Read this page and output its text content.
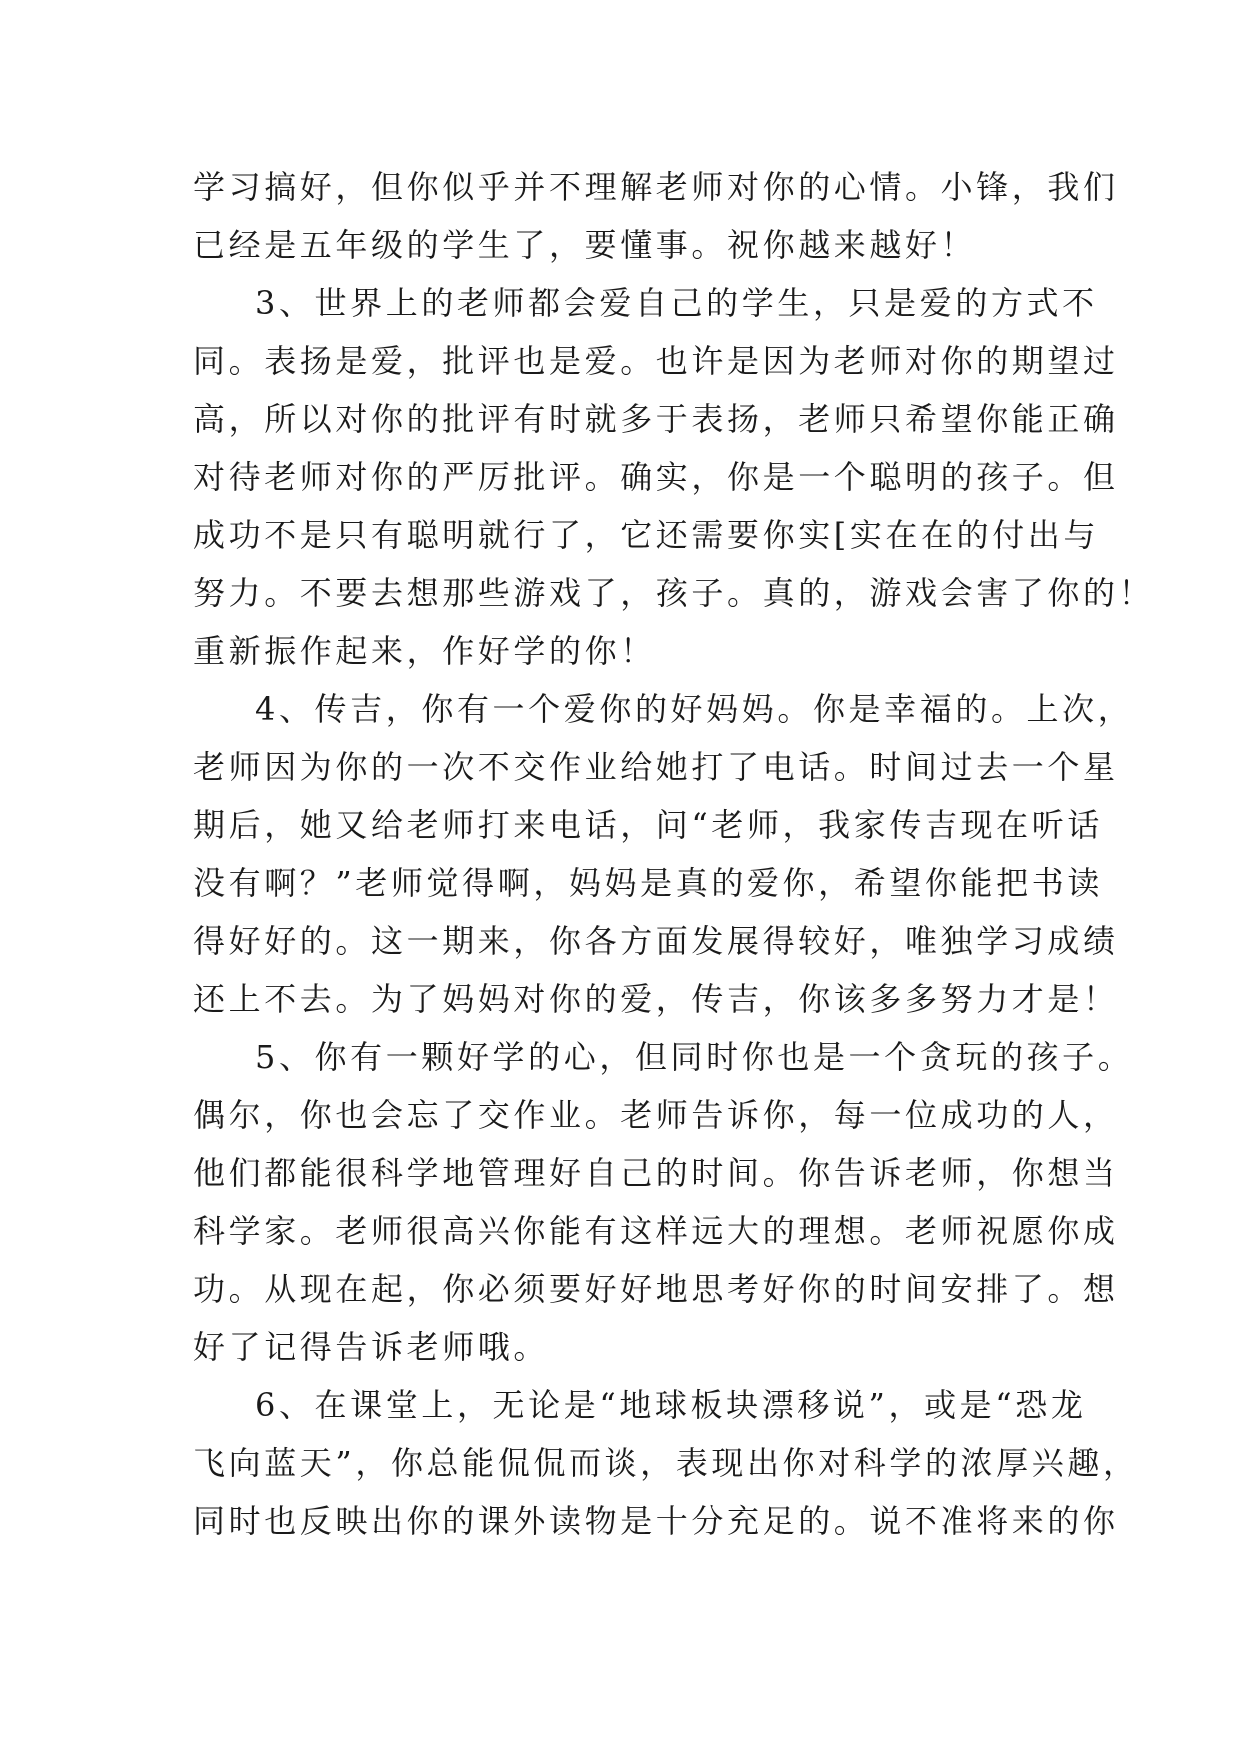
学习搞好，但你似乎并不理解老师对你的心情。小锋，我们
已经是五年级的学生了，要懂事。祝你越来越好！
3、世界上的老师都会爱自己的学生，只是爱的方式不
同。表扬是爱，批评也是爱。也许是因为老师对你的期望过
高，所以对你的批评有时就多于表扬，老师只希望你能正确
对待老师对你的严厉批评。确实，你是一个聪明的孩子。但
成功不是只有聪明就行了，它还需要你实[实在在的付出与
努力。不要去想那些游戏了，孩子。真的，游戏会害了你的！
重新振作起来，作好学的你！
4、传吉，你有一个爱你的好妈妈。你是幸福的。上次，
老师因为你的一次不交作业给她打了电话。时间过去一个星
期后，她又给老师打来电话，问“老师，我家传吉现在听话
没有啊？”老师觉得啊，妈妈是真的爱你，希望你能把书读
得好好的。这一期来，你各方面发展得较好，唯独学习成绩
还上不去。为了妈妈对你的爱，传吉，你该多多努力才是！
5、你有一颗好学的心，但同时你也是一个贪玩的孩子。
偶尔，你也会忘了交作业。老师告诉你，每一位成功的人，
他们都能很科学地管理好自己的时间。你告诉老师，你想当
科学家。老师很高兴你能有这样远大的理想。老师祝愿你成
功。从现在起，你必须要好好地思考好你的时间安排了。想
好了记得告诉老师哦。
6、在课堂上，无论是“地球板块漂移说”，或是“恐龙
飞向蓝天”，你总能侃侃而谈，表现出你对科学的浓厚兴趣，
同时也反映出你的课外读物是十分充足的。说不准将来的你
